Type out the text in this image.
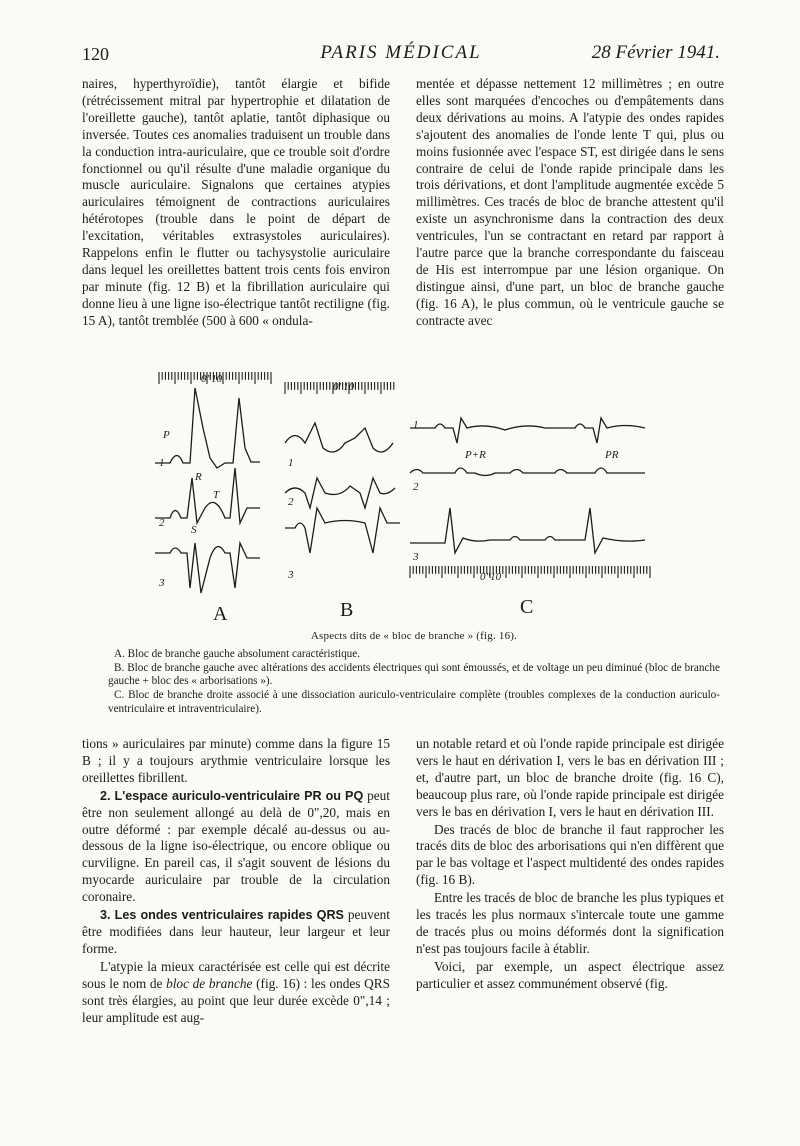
120	PARIS MÉDICAL	28 Février 1941.

naires, hyperthyroïdie), tantôt élargie et bifide (rétrécissement mitral par hypertrophie et dilatation de l'oreillette gauche), tantôt aplatie, tantôt diphasique ou inversée. Toutes ces anomalies traduisent un trouble dans la conduction intra-auriculaire, que ce trouble soit d'ordre fonctionnel ou qu'il résulte d'une maladie organique du muscle auriculaire. Signalons que certaines atypies auriculaires témoignent de contractions auriculaires hétérotopes (trouble dans le point de départ de l'excitation, véritables extrasystoles auriculaires). Rappelons enfin le flutter ou tachysystolie auriculaire dans lequel les oreillettes battent trois cents fois environ par minute (fig. 12 B) et la fibrillation auriculaire qui donne lieu à une ligne iso-électrique tantôt rectiligne (fig. 15 A), tantôt tremblée (500 à 600 « ondula-

mentée et dépasse nettement 12 millimètres ; en outre elles sont marquées d'encoches ou d'empâtements dans deux dérivations au moins. A l'atypie des ondes rapides s'ajoutent des anomalies de l'onde lente T qui, plus ou moins fusionnée avec l'espace ST, est dirigée dans le sens contraire de celui de l'onde rapide principale dans les trois dérivations, et dont l'amplitude augmentée excède 5 millimètres. Ces tracés de bloc de branche attestent qu'il existe un asynchronisme dans la contraction des deux ventricules, l'un se contractant en retard par rapport à l'autre parce que la branche correspondante du faisceau de His est interrompue par une lésion organique. On distingue ainsi, d'une part, un bloc de branche gauche (fig. 16 A), le plus commun, où le ventricule gauche se contracte avec

0"10
1
2
3
P
R
T
S
0"10
1
2
3
1
2
3
P+R	PR
0"10
A	B	C
Aspects dits de « bloc de branche » (fig. 16).

A. Bloc de branche gauche absolument caractéristique.

B. Bloc de branche gauche avec altérations des accidents électriques qui sont émoussés, et de voltage un peu diminué (bloc de branche gauche + bloc des « arborisations »).

C. Bloc de branche droite associé à une dissociation auriculo-ventriculaire complète (troubles complexes de la conduction auriculo-ventriculaire et intraventriculaire).

tions » auriculaires par minute) comme dans la figure 15 B ; il y a toujours arythmie ventriculaire lorsque les oreillettes fibrillent.

2. L'espace auriculo-ventriculaire PR ou PQ peut être non seulement allongé au delà de 0",20, mais en outre déformé : par exemple décalé au-dessus ou au-dessous de la ligne iso-électrique, ou encore oblique ou curviligne. En pareil cas, il s'agit souvent de lésions du myocarde auriculaire par trouble de la circulation coronaire.

3. Les ondes ventriculaires rapides QRS peuvent être modifiées dans leur hauteur, leur largeur et leur forme.

L'atypie la mieux caractérisée est celle qui est décrite sous le nom de bloc de branche (fig. 16) : les ondes QRS sont très élargies, au point que leur durée excède 0",14 ; leur amplitude est aug-

un notable retard et où l'onde rapide principale est dirigée vers le haut en dérivation I, vers le bas en dérivation III ; et, d'autre part, un bloc de branche droite (fig. 16 C), beaucoup plus rare, où l'onde rapide principale est dirigée vers le bas en dérivation I, vers le haut en dérivation III.

Des tracés de bloc de branche il faut rapprocher les tracés dits de bloc des arborisations qui n'en diffèrent que par le bas voltage et l'aspect multidenté des ondes rapides (fig. 16 B).

Entre les tracés de bloc de branche les plus typiques et les tracés les plus normaux s'intercale toute une gamme de tracés plus ou moins déformés dont la signification n'est pas toujours facile à établir.

Voici, par exemple, un aspect électrique assez particulier et assez communément observé (fig.
